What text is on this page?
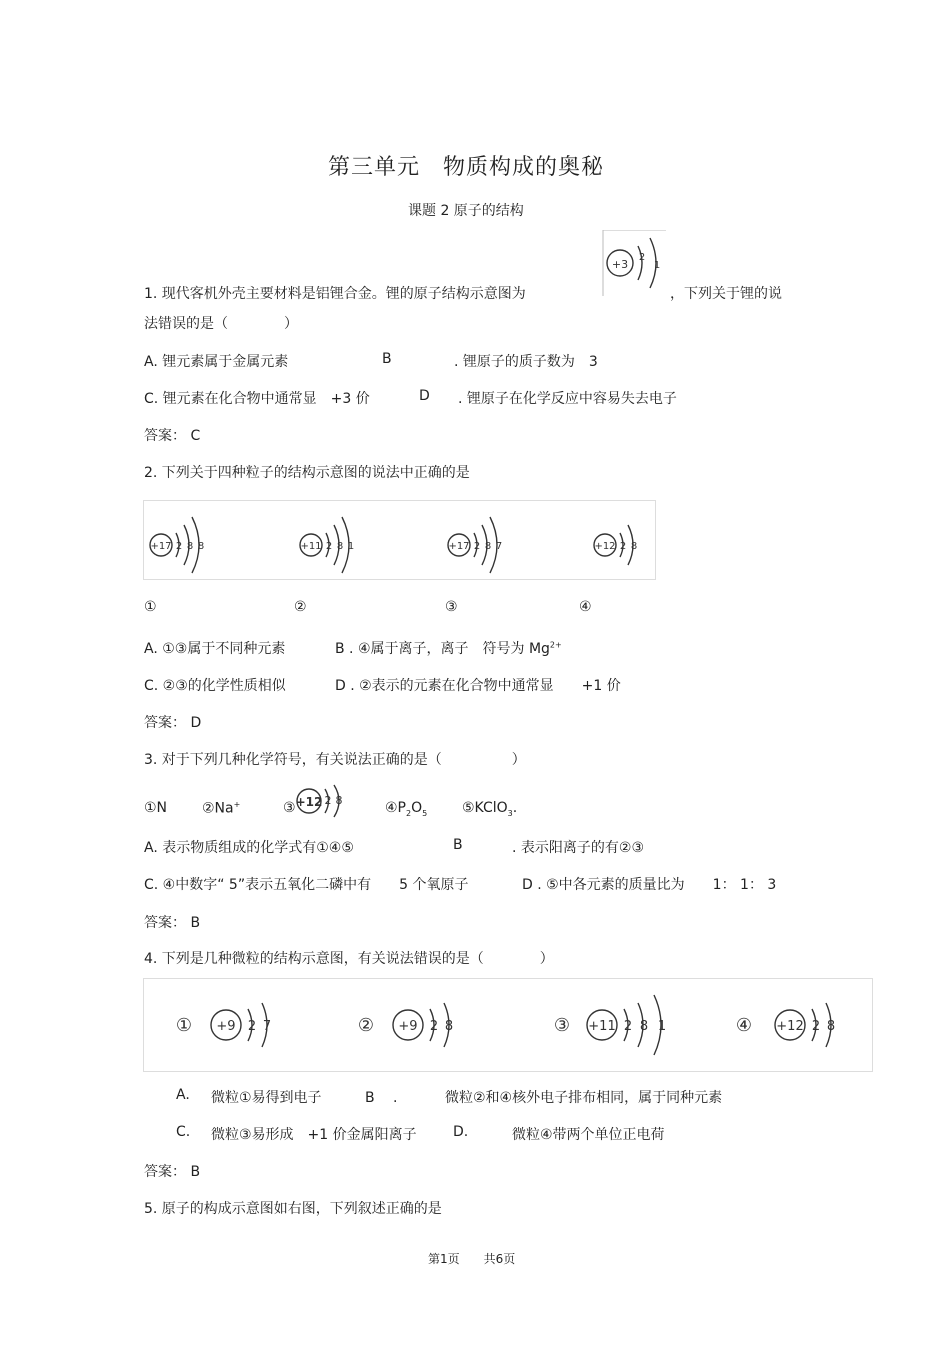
第三单元　物质构成的奥秘
课题 2 原子的结构
1. 现代客机外壳主要材料是铝锂合金。锂的原子结构示意图为
+3
2
1
，下列关于锂的说
法错误的是（　　　　）
A. 锂元素属于金属元素	B	. 锂原子的质子数为　3
C. 锂元素在化合物中通常显　+3 价	D . 锂原子在化学反应中容易失去电子
答案： C
2. 下列关于四种粒子的结构示意图的说法中正确的是
+17 2 8 8	+11 2 8 1	+17 2 8 7	+12 2 8
①	②	③	④
A. ①③属于不同种元素	B . ④属于离子，离子　符号为 $Mg^{2+}$
C. ②③的化学性质相似	D . ②表示的元素在化合物中通常显　　+1 价
答案： D
3. 对于下列几种化学符号，有关说法正确的是（　　　　　）
①N ②Na+	③ +12 2 8	$④P_2O_5$ ⑤KClO$_3$.
A. 表示物质组成的化学式有①④⑤	B	. 表示阳离子的有②③
C. ④中数字“ 5”表示五氧化二磷中有　　5 个氧原子	D . ⑤中各元素的质量比为　　1： 1： 3
答案： B
4. 下列是几种微粒的结构示意图，有关说法错误的是（　　　　）
① +9 2 7	② +9 2 8	③ +11 2 8 1	④ +12 2 8
A. 微粒①易得到电子	B　 .	微粒②和④核外电子排布相同，属于同种元素
C. 微粒③易形成　+1 价金属阳离子	D.	微粒④带两个单位正电荷
答案： B
5. 原子的构成示意图如右图，下列叙述正确的是
第1页　　共6页
